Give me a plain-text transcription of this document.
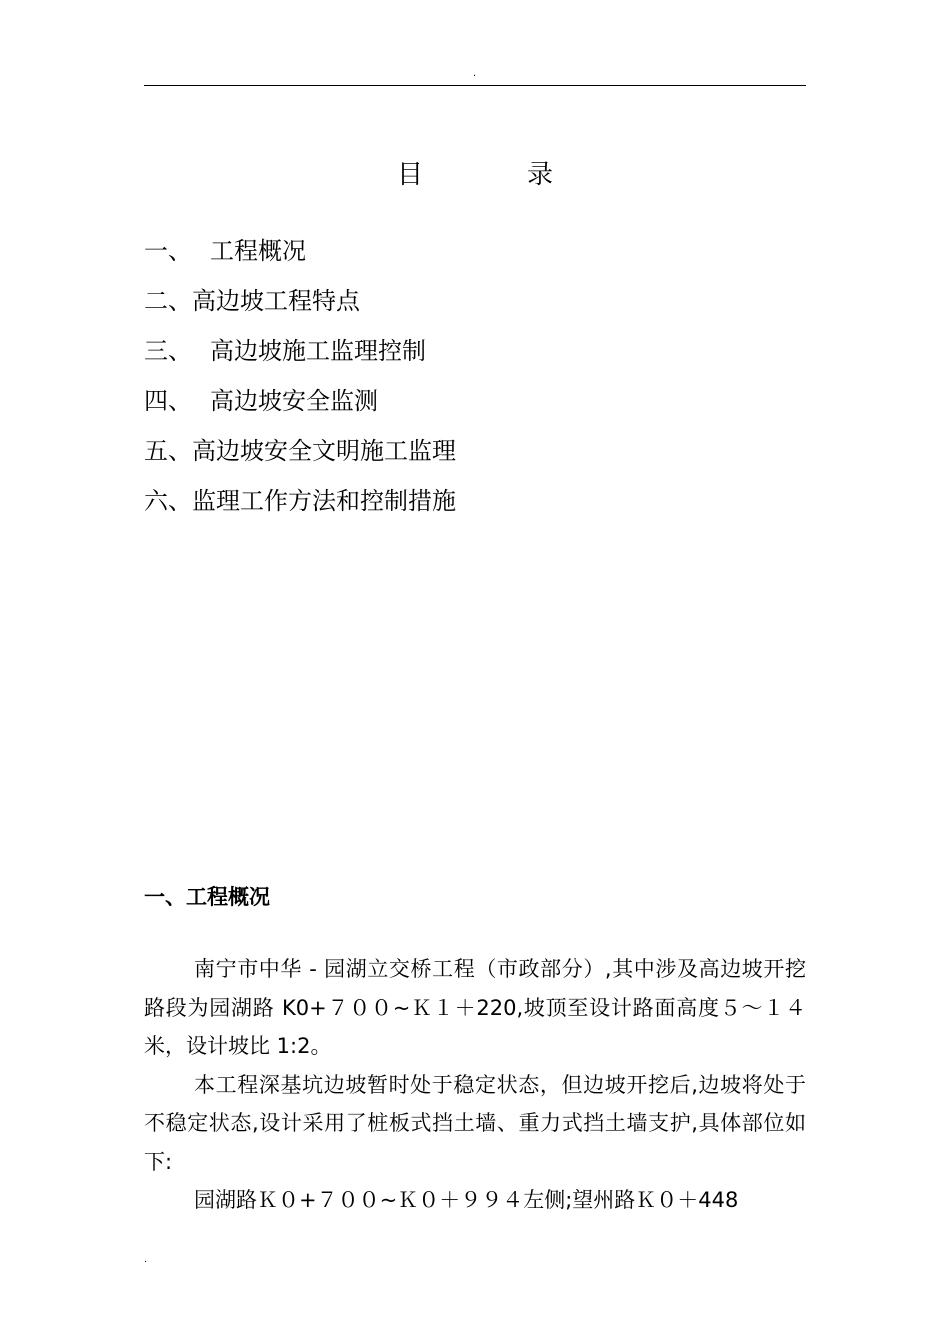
.
目	录
一、 工程概况
二、高边坡工程特点
三、 高边坡施工监理控制
四、 高边坡安全监测
五、高边坡安全文明施工监理
六、监理工作方法和控制措施
一、工程概况

南宁市中华 - 园湖立交桥工程（市政部分）,其中涉及高边坡开挖路段为园湖路 K0+７００~Ｋ１＋220,坡顶至设计路面高度５～１４米，设计坡比 1:2。

本工程深基坑边坡暂时处于稳定状态，但边坡开挖后,边坡将处于不稳定状态,设计采用了桩板式挡土墙、重力式挡土墙支护,具体部位如下:

园湖路Ｋ０+７００~Ｋ０＋９９４左侧;望州路Ｋ０＋448

.
